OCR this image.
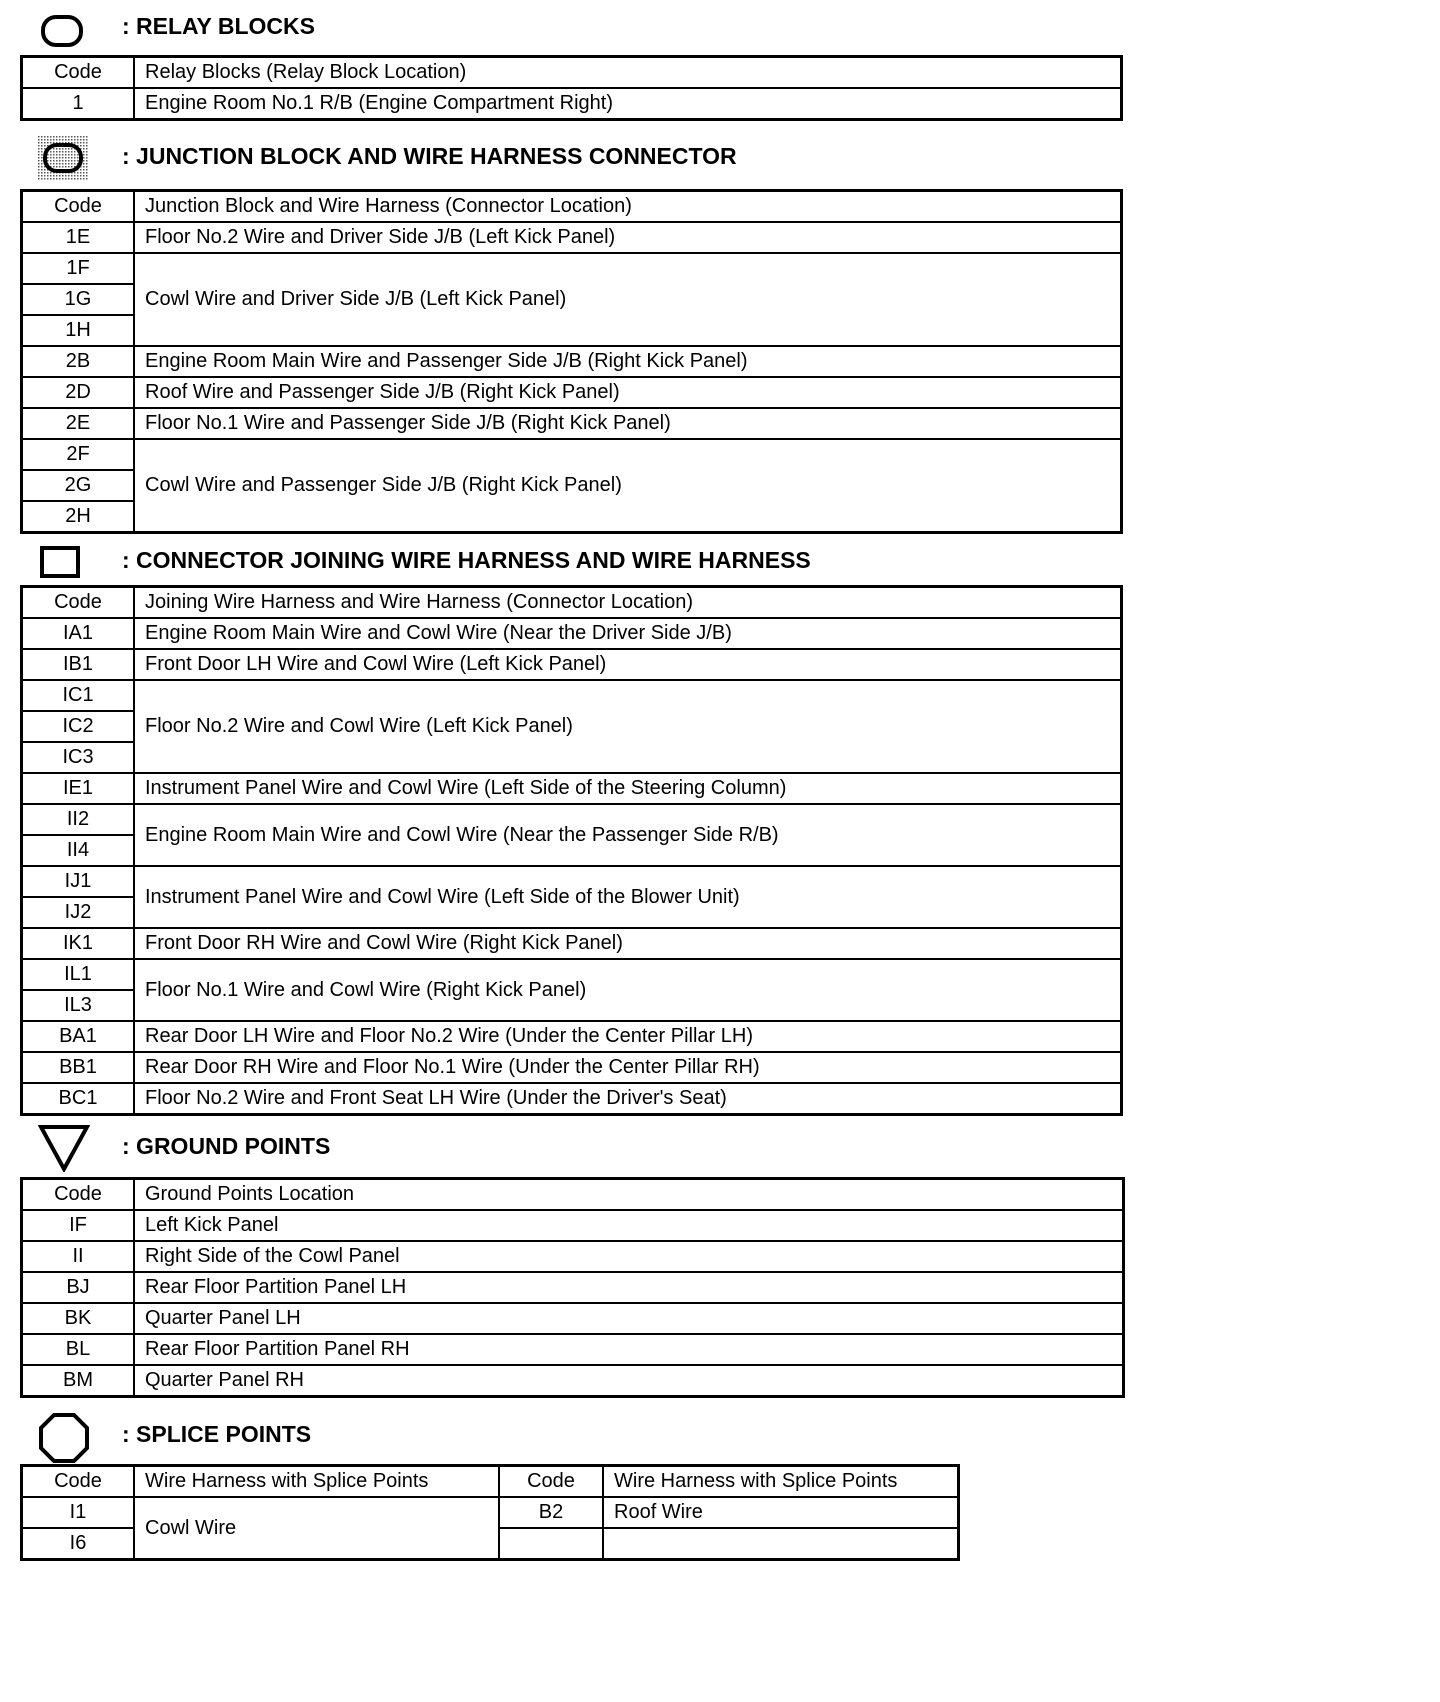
: RELAY BLOCKS
Code	Relay Blocks (Relay Block Location)
1	Engine Room No.1 R/B (Engine Compartment Right)
: JUNCTION BLOCK AND WIRE HARNESS CONNECTOR
Code	Junction Block and Wire Harness (Connector Location)
1E	Floor No.2 Wire and Driver Side J/B (Left Kick Panel)
1F	Cowl Wire and Driver Side J/B (Left Kick Panel)
1G	
1H	
2B	Engine Room Main Wire and Passenger Side J/B (Right Kick Panel)
2D	Roof Wire and Passenger Side J/B (Right Kick Panel)
2E	Floor No.1 Wire and Passenger Side J/B (Right Kick Panel)
2F	Cowl Wire and Passenger Side J/B (Right Kick Panel)
2G	
2H	
: CONNECTOR JOINING WIRE HARNESS AND WIRE HARNESS
Code	Joining Wire Harness and Wire Harness (Connector Location)
IA1	Engine Room Main Wire and Cowl Wire (Near the Driver Side J/B)
IB1	Front Door LH Wire and Cowl Wire (Left Kick Panel)
IC1	Floor No.2 Wire and Cowl Wire (Left Kick Panel)
IC2	
IC3	
IE1	Instrument Panel Wire and Cowl Wire (Left Side of the Steering Column)
II2	Engine Room Main Wire and Cowl Wire (Near the Passenger Side R/B)
II4	
IJ1	Instrument Panel Wire and Cowl Wire (Left Side of the Blower Unit)
IJ2	
IK1	Front Door RH Wire and Cowl Wire (Right Kick Panel)
IL1	Floor No.1 Wire and Cowl Wire (Right Kick Panel)
IL3	
BA1	Rear Door LH Wire and Floor No.2 Wire (Under the Center Pillar LH)
BB1	Rear Door RH Wire and Floor No.1 Wire (Under the Center Pillar RH)
BC1	Floor No.2 Wire and Front Seat LH Wire (Under the Driver's Seat)
: GROUND POINTS
Code	Ground Points Location
IF	Left Kick Panel
II	Right Side of the Cowl Panel
BJ	Rear Floor Partition Panel LH
BK	Quarter Panel LH
BL	Rear Floor Partition Panel RH
BM	Quarter Panel RH
: SPLICE POINTS
Code	Wire Harness with Splice Points	Code	Wire Harness with Splice Points
I1	Cowl Wire	B2	Roof Wire
I6			
